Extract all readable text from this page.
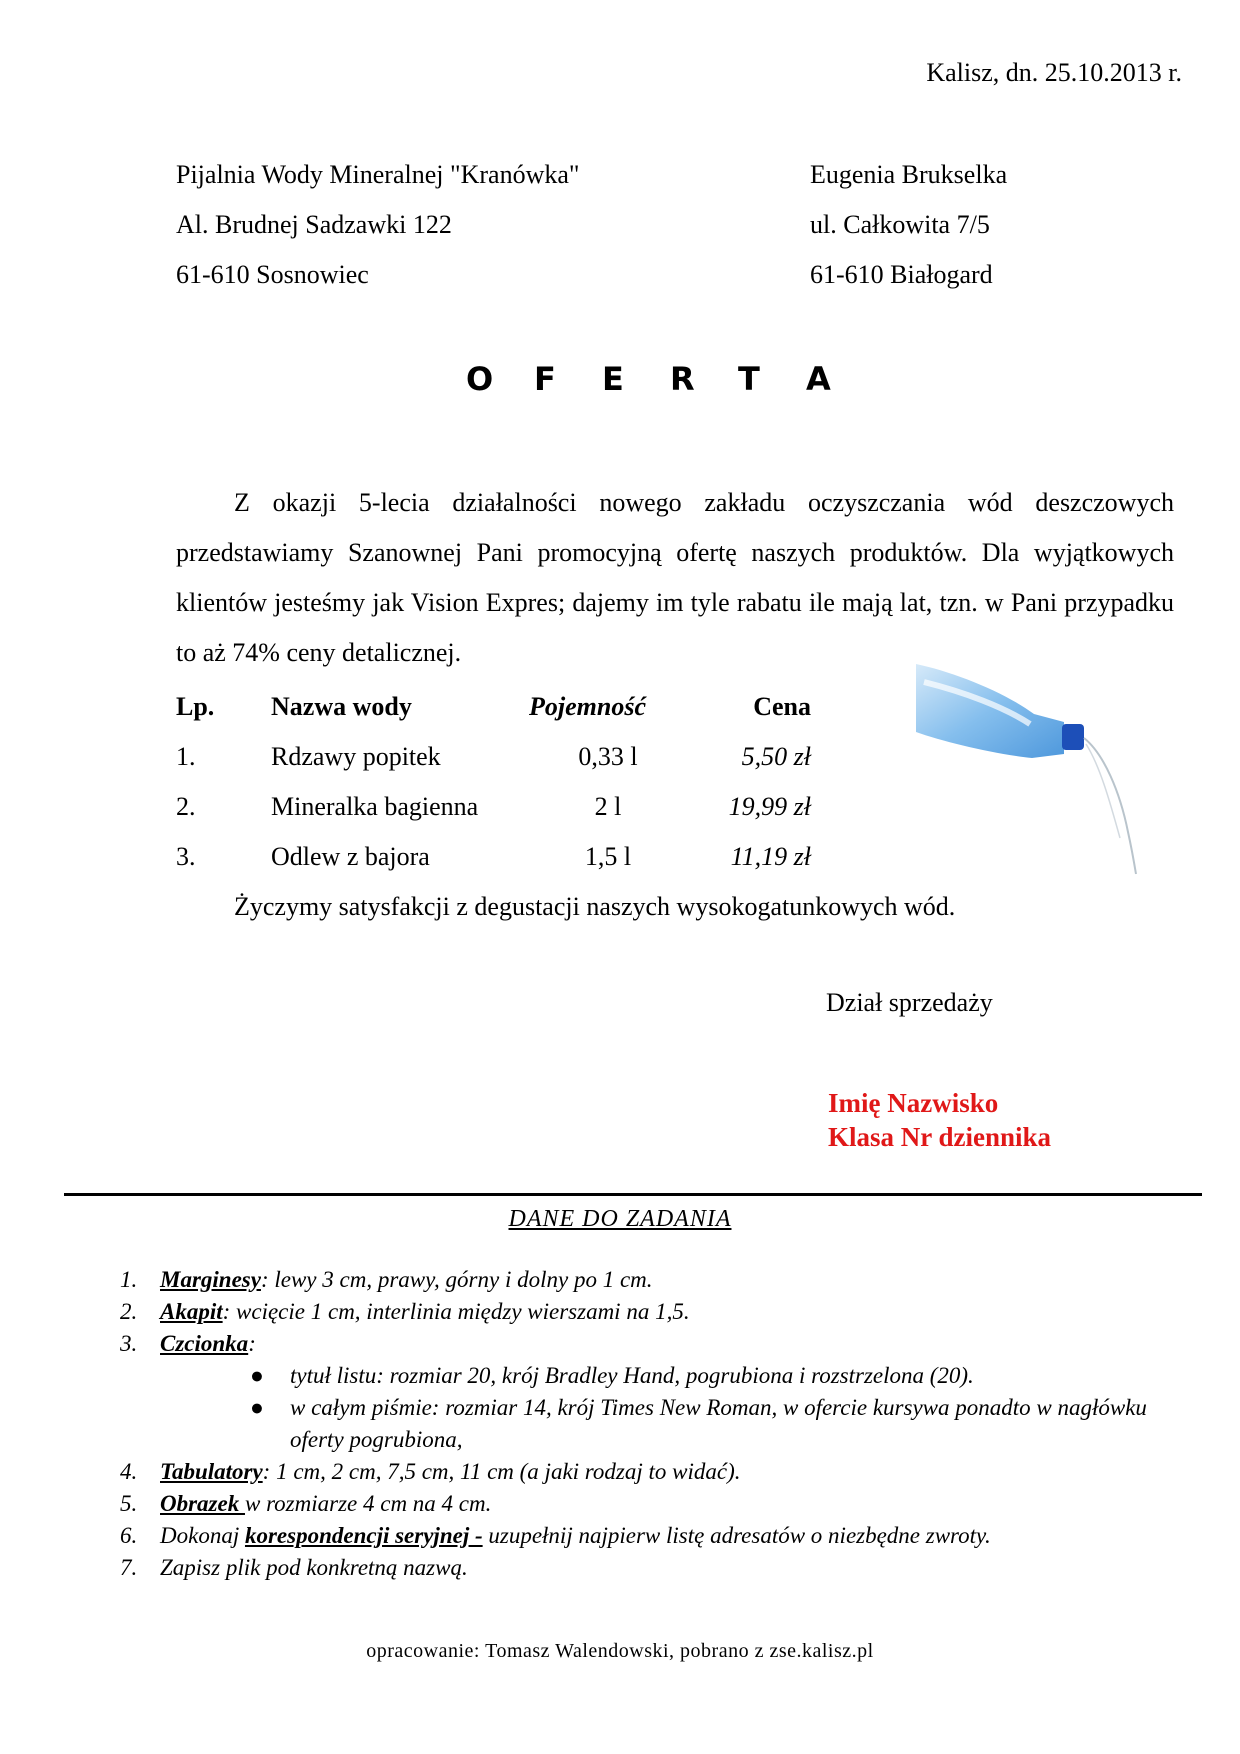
Kalisz, dn. 25.10.2013 r.
Pijalnia Wody Mineralnej "Kranówka"
Al. Brudnej Sadzawki 122
61-610 Sosnowiec
Eugenia Brukselka
ul. Całkowita 7/5
61-610 Białogard
O F E R T A
Z okazji 5-lecia działalności nowego zakładu oczyszczania wód deszczowych przedstawiamy Szanownej Pani promocyjną ofertę naszych produktów. Dla wyjątkowych klientów jesteśmy jak Vision Expres; dajemy im tyle rabatu ile mają lat, tzn. w Pani przypadku to aż 74% ceny detalicznej.
Lp.	Nazwa wody	Pojemność	Cena
1.	Rdzawy popitek	0,33 l	5,50 zł
2.	Mineralka bagienna	2 l	19,99 zł
3.	Odlew z bajora	1,5 l	11,19 zł
Życzymy satysfakcji z degustacji naszych wysokogatunkowych wód.
Dział sprzedaży
Imię Nazwisko
Klasa Nr dziennika
DANE DO ZADANIA
1. Marginesy: lewy 3 cm, prawy, górny i dolny po 1 cm.
2. Akapit: wcięcie 1 cm, interlinia między wierszami na 1,5.
3. Czcionka:
●	tytuł listu: rozmiar 20, krój Bradley Hand, pogrubiona i rozstrzelona (20).
●	w całym piśmie: rozmiar 14, krój Times New Roman, w ofercie kursywa ponadto w nagłówku oferty pogrubiona,
4. Tabulatory: 1 cm, 2 cm, 7,5 cm, 11 cm (a jaki rodzaj to widać).
5. Obrazek w rozmiarze 4 cm na 4 cm.
6. Dokonaj korespondencji seryjnej - uzupełnij najpierw listę adresatów o niezbędne zwroty.
7. Zapisz plik pod konkretną nazwą.
opracowanie: Tomasz Walendowski, pobrano z zse.kalisz.pl
